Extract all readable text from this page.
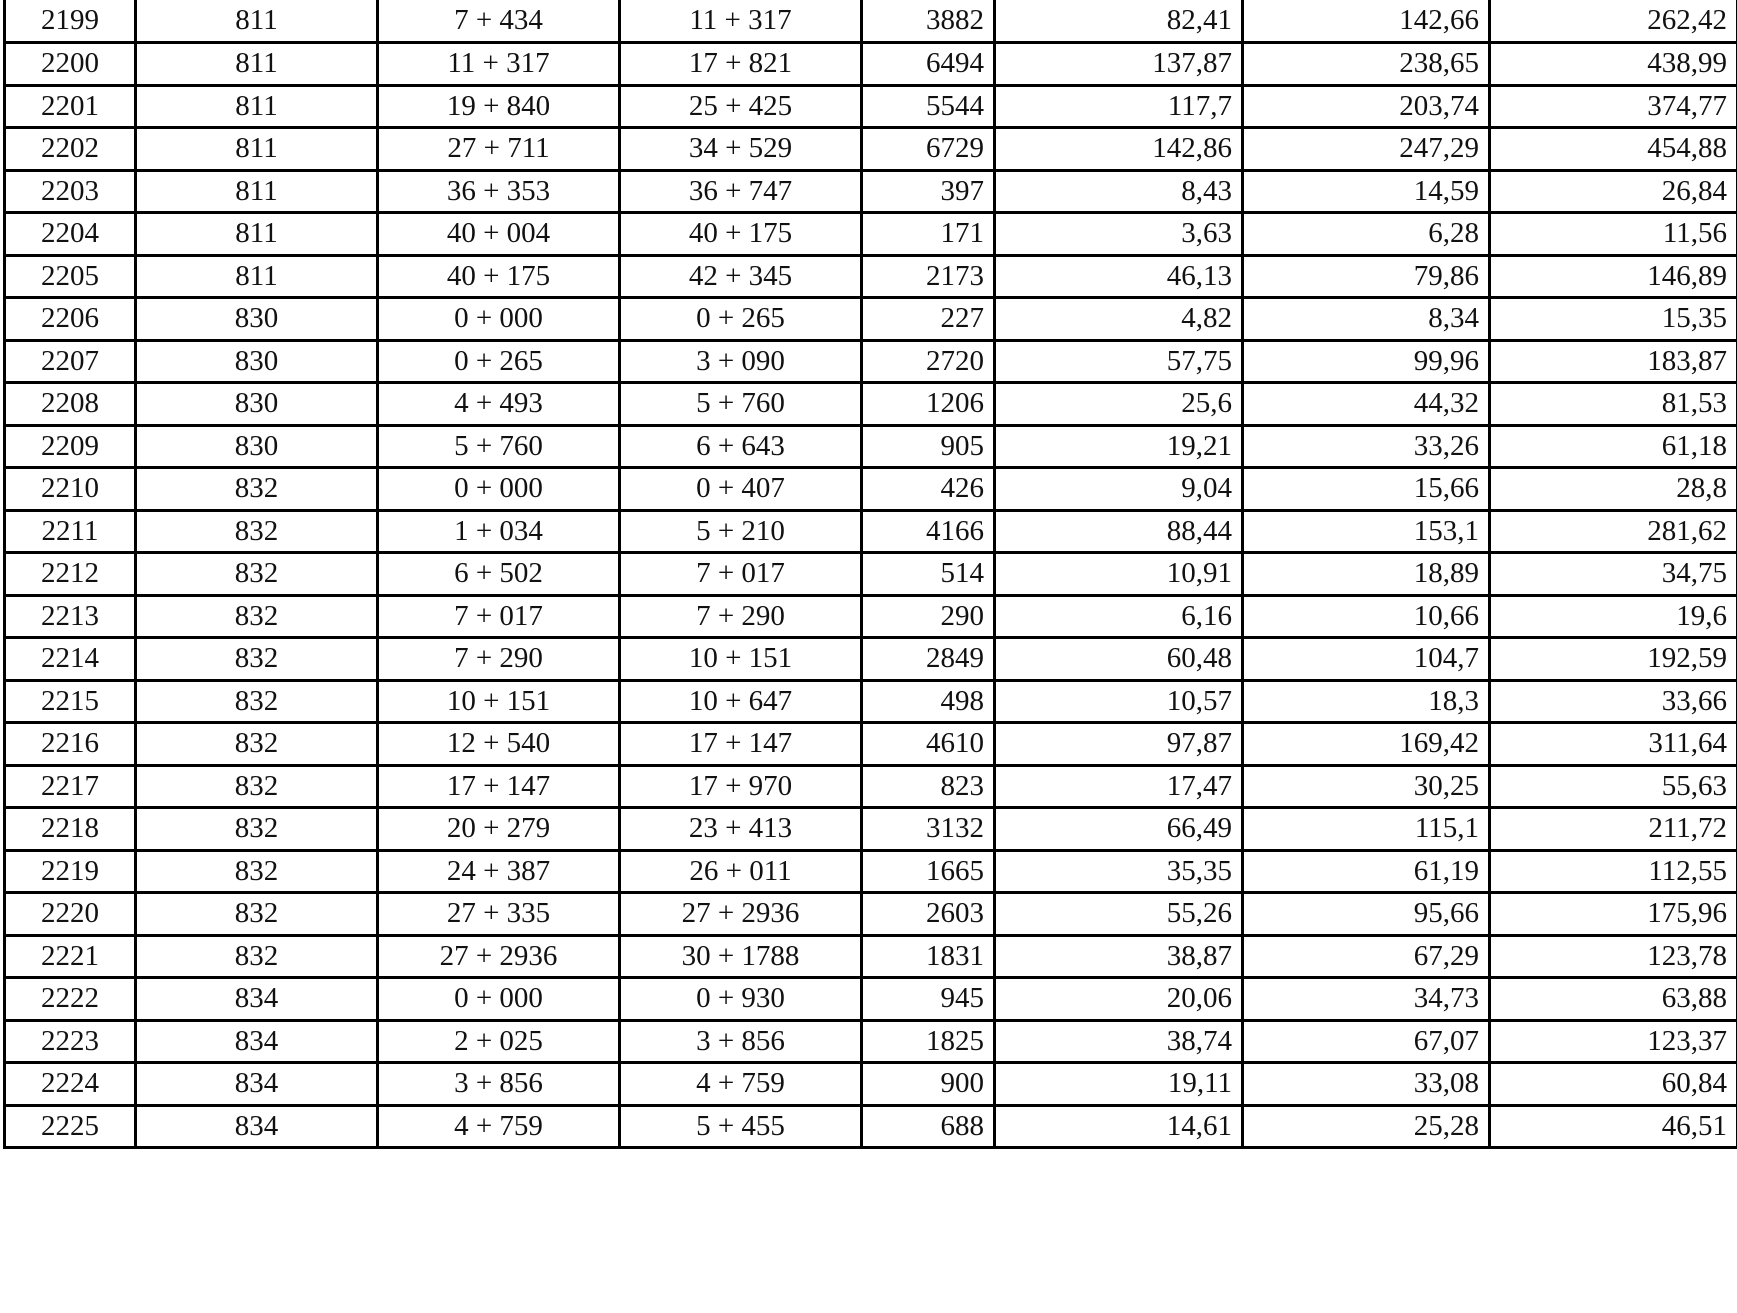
2199	811	7 + 434	11 + 317	3882	82,41	142,66	262,42
2200	811	11 + 317	17 + 821	6494	137,87	238,65	438,99
2201	811	19 + 840	25 + 425	5544	117,7	203,74	374,77
2202	811	27 + 711	34 + 529	6729	142,86	247,29	454,88
2203	811	36 + 353	36 + 747	397	8,43	14,59	26,84
2204	811	40 + 004	40 + 175	171	3,63	6,28	11,56
2205	811	40 + 175	42 + 345	2173	46,13	79,86	146,89
2206	830	0 + 000	0 + 265	227	4,82	8,34	15,35
2207	830	0 + 265	3 + 090	2720	57,75	99,96	183,87
2208	830	4 + 493	5 + 760	1206	25,6	44,32	81,53
2209	830	5 + 760	6 + 643	905	19,21	33,26	61,18
2210	832	0 + 000	0 + 407	426	9,04	15,66	28,8
2211	832	1 + 034	5 + 210	4166	88,44	153,1	281,62
2212	832	6 + 502	7 + 017	514	10,91	18,89	34,75
2213	832	7 + 017	7 + 290	290	6,16	10,66	19,6
2214	832	7 + 290	10 + 151	2849	60,48	104,7	192,59
2215	832	10 + 151	10 + 647	498	10,57	18,3	33,66
2216	832	12 + 540	17 + 147	4610	97,87	169,42	311,64
2217	832	17 + 147	17 + 970	823	17,47	30,25	55,63
2218	832	20 + 279	23 + 413	3132	66,49	115,1	211,72
2219	832	24 + 387	26 + 011	1665	35,35	61,19	112,55
2220	832	27 + 335	27 + 2936	2603	55,26	95,66	175,96
2221	832	27 + 2936	30 + 1788	1831	38,87	67,29	123,78
2222	834	0 + 000	0 + 930	945	20,06	34,73	63,88
2223	834	2 + 025	3 + 856	1825	38,74	67,07	123,37
2224	834	3 + 856	4 + 759	900	19,11	33,08	60,84
2225	834	4 + 759	5 + 455	688	14,61	25,28	46,51
